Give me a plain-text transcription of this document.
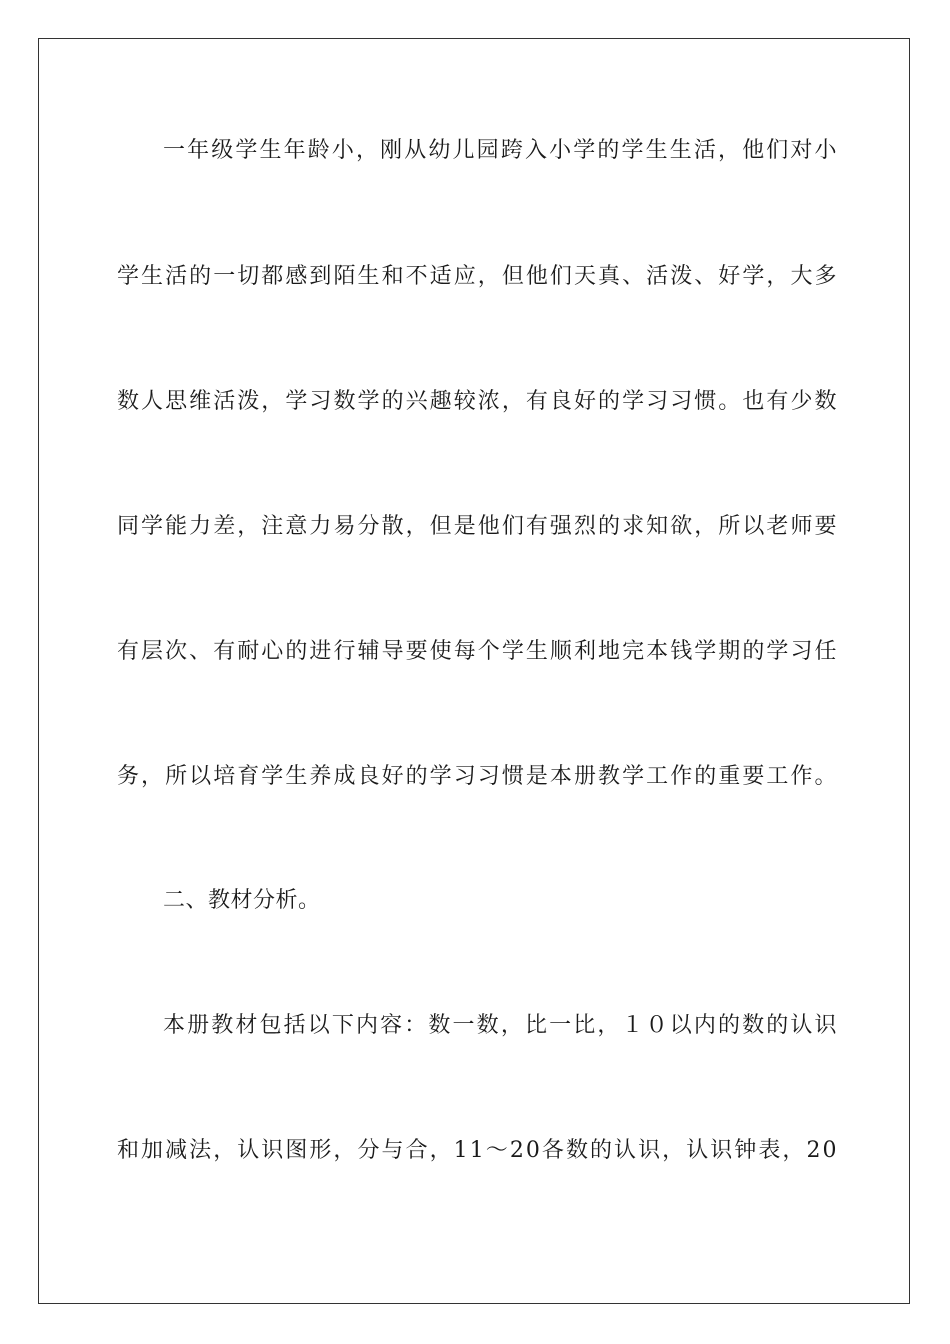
一年级学生年龄小，刚从幼儿园跨入小学的学生生活，他们对小
学生活的一切都感到陌生和不适应，但他们天真、活泼、好学，大多
数人思维活泼，学习数学的兴趣较浓，有良好的学习习惯。也有少数
同学能力差，注意力易分散，但是他们有强烈的求知欲，所以老师要
有层次、有耐心的进行辅导要使每个学生顺利地完本钱学期的学习任
务，所以培育学生养成良好的学习习惯是本册教学工作的重要工作。
二、教材分析。
本册教材包括以下内容：数一数，比一比，１０以内的数的认识
和加减法，认识图形，分与合，11～20各数的认识，认识钟表，20
